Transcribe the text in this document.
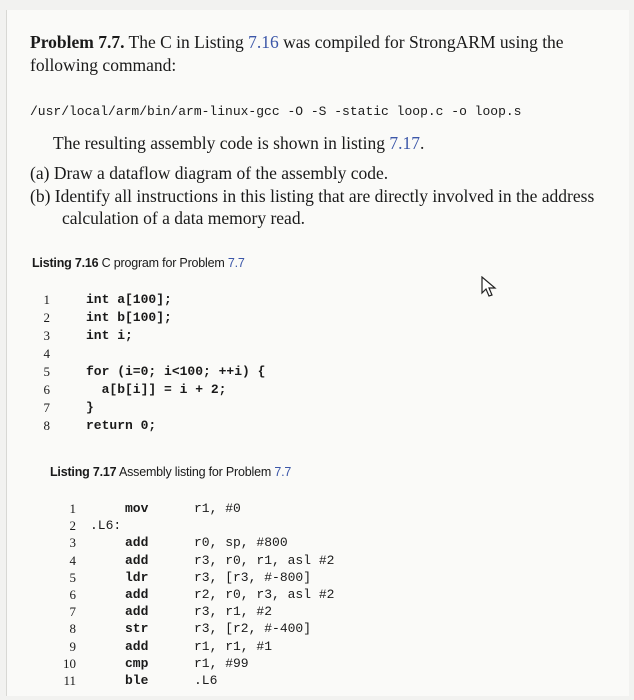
Problem 7.7. The C in Listing 7.16 was compiled for StrongARM using the
following command:
/usr/local/arm/bin/arm-linux-gcc -O -S -static loop.c -o loop.s
The resulting assembly code is shown in listing 7.17.
(a) Draw a dataflow diagram of the assembly code.
(b) Identify all instructions in this listing that are directly involved in the address
calculation of a data memory read.
Listing 7.16 C program for Problem 7.7
1	int a[100];
2	int b[100];
3	int i;
4
5	for (i=0; i<100; ++i) {
6	a[b[i]] = i + 2;
7	}
8	return 0;
Listing 7.17 Assembly listing for Problem 7.7
1	mov	r1, #0
2 .L6:
3	add	r0, sp, #800
4	add	r3, r0, r1, asl #2
5	ldr	r3, [r3, #-800]
6	add	r2, r0, r3, asl #2
7	add	r3, r1, #2
8	str	r3, [r2, #-400]
9	add	r1, r1, #1
10	cmp	r1, #99
11	ble	.L6
